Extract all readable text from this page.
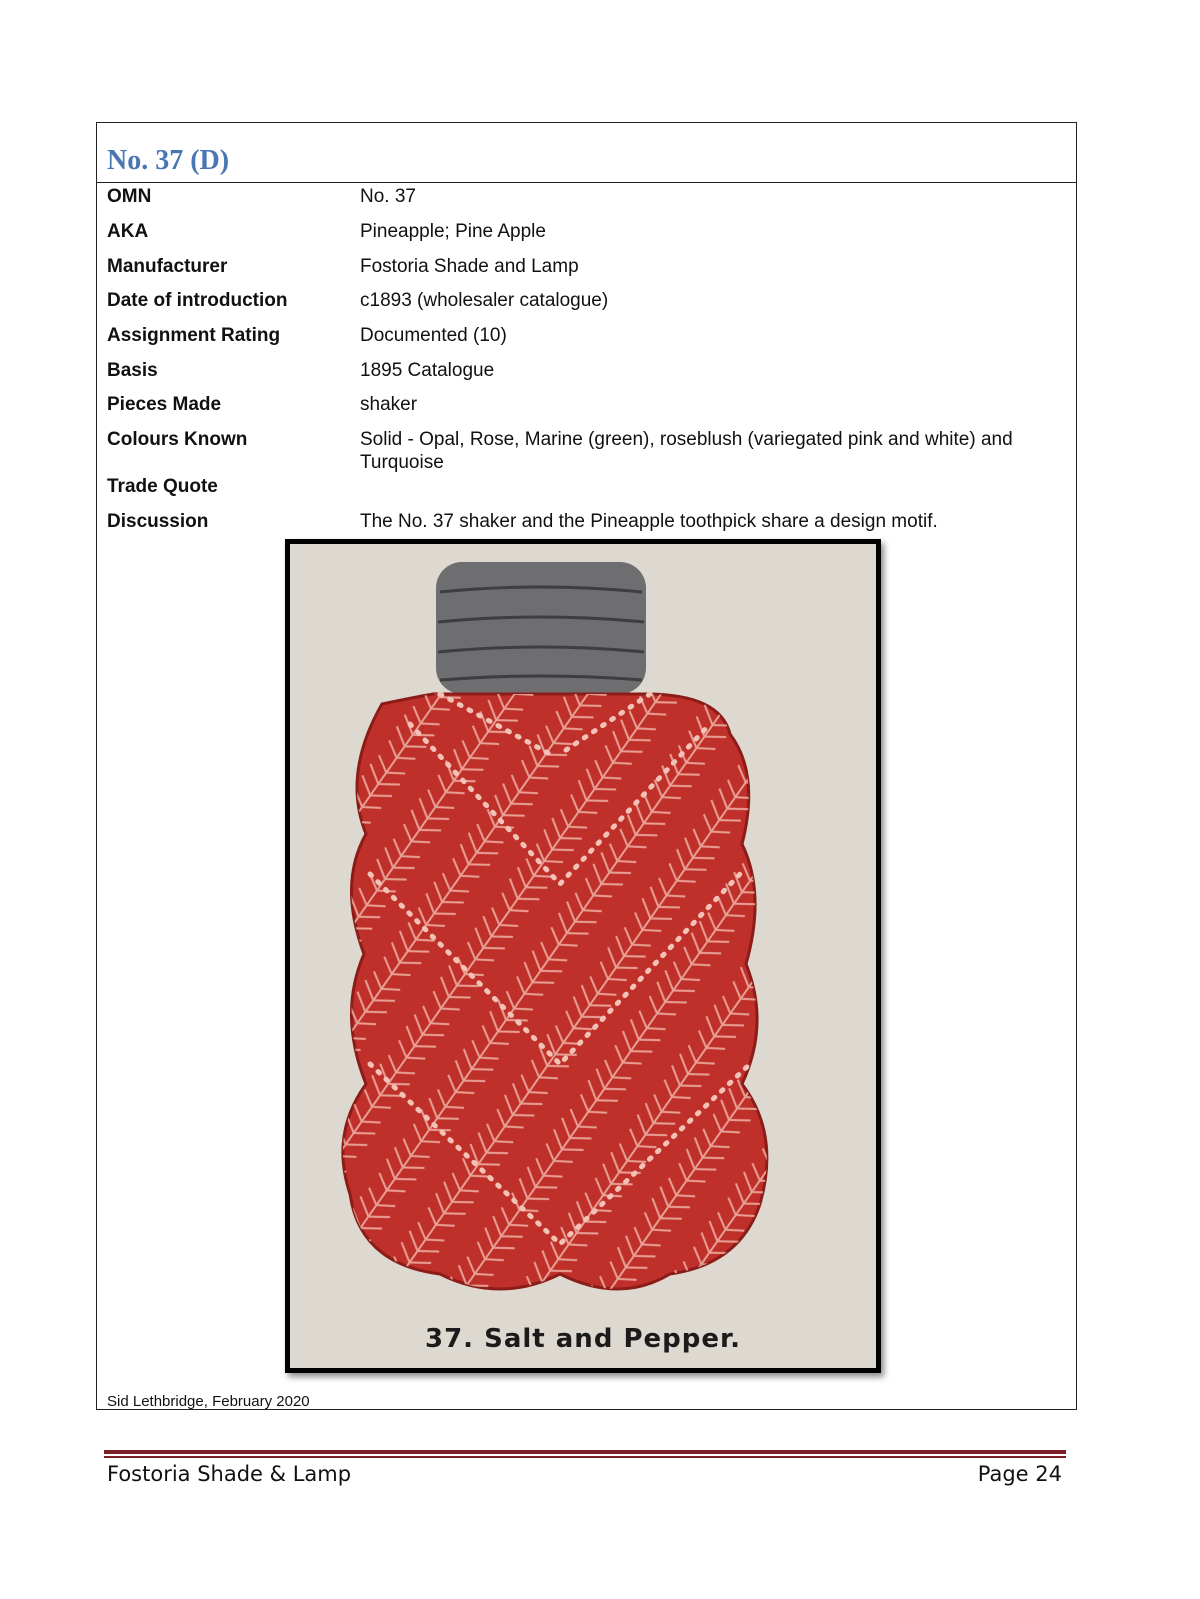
No. 37 (D)
OMN	No. 37
AKA	Pineapple; Pine Apple
Manufacturer	Fostoria Shade and Lamp
Date of introduction	c1893 (wholesaler catalogue)
Assignment Rating	Documented (10)
Basis	1895 Catalogue
Pieces Made	shaker
Colours Known	Solid - Opal, Rose, Marine (green), roseblush (variegated pink and white) and Turquoise
Trade Quote
Discussion	The No. 37 shaker and the Pineapple toothpick share a design motif.
37. Salt and Pepper.
Sid Lethbridge, February 2020
Fostoria Shade & Lamp	Page 24
